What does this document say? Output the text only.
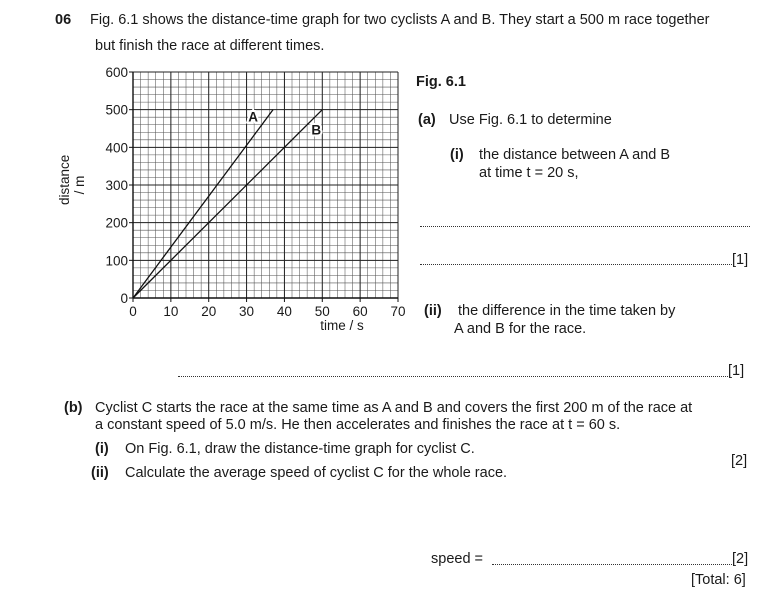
06 Fig. 6.1 shows the distance-time graph for two cyclists A and B. They start a 500 m race together
but finish the race at different times.
0 10 20 30 40 50 60 70
0
100
200
300
400
500
600
A
B
time / s
distance / m
Fig. 6.1
(a) Use Fig. 6.1 to determine
(i) the distance between A and B
at time t = 20 s,
[1]
(ii) the difference in the time taken by
A and B for the race.
[1]
(b) Cyclist C starts the race at the same time as A and B and covers the first 200 m of the race at
a constant speed of 5.0 m/s. He then accelerates and finishes the race at t = 60 s.
(i) On Fig. 6.1, draw the distance-time graph for cyclist C.
[2]
(ii) Calculate the average speed of cyclist C for the whole race.
speed =	[2]
[Total: 6]
